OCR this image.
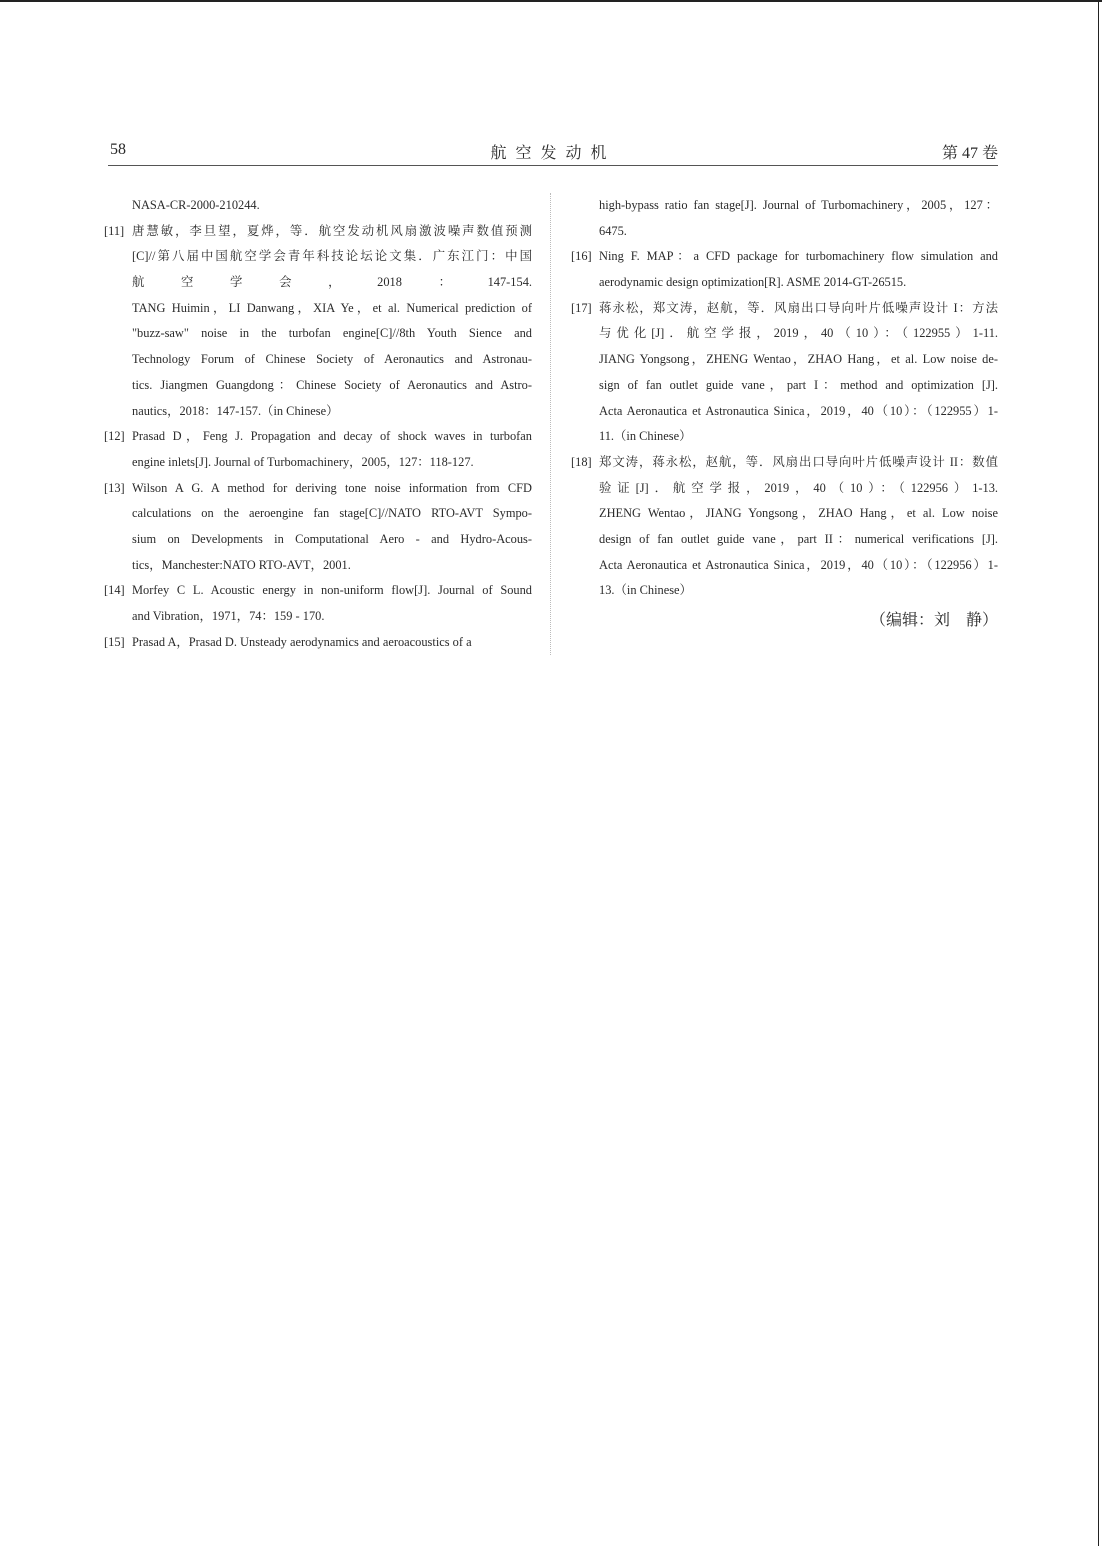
58	航空发动机	第 47 卷
NASA-CR-2000-210244.
[11] 唐慧敏，李旦望，夏烨，等．航空发动机风扇激波噪声数值预测
[C]//第八届中国航空学会青年科技论坛论文集．广东江门：中国
航空学会，2018：147-154.
TANG Huimin，LI Danwang，XIA Ye，et al. Numerical prediction of
"buzz-saw" noise in the turbofan engine[C]//8th Youth Sience and
Technology Forum of Chinese Society of Aeronautics and Astronau-
tics. Jiangmen Guangdong：Chinese Society of Aeronautics and Astro-
nautics，2018：147-157.（in Chinese）
[12] Prasad D，Feng J. Propagation and decay of shock waves in turbofan
engine inlets[J]. Journal of Turbomachinery，2005，127：118-127.
[13] Wilson A G. A method for deriving tone noise information from CFD
calculations on the aeroengine fan stage[C]//NATO RTO-AVT Sympo-
sium on Developments in Computational Aero - and Hydro-Acous-
tics，Manchester:NATO RTO-AVT，2001.
[14] Morfey C L. Acoustic energy in non-uniform flow[J]. Journal of Sound
and Vibration，1971，74：159 - 170.
[15] Prasad A，Prasad D. Unsteady aerodynamics and aeroacoustics of a
high-bypass ratio fan stage[J]. Journal of Turbomachinery，2005，127：
6475.
[16] Ning F. MAP：a CFD package for turbomachinery flow simulation and
aerodynamic design optimization[R]. ASME 2014-GT-26515.
[17] 蒋永松，郑文涛，赵航，等．风扇出口导向叶片低噪声设计 I：方法
与优化[J]．航空学报，2019，40（10）：（122955）1-11.
JIANG Yongsong，ZHENG Wentao，ZHAO Hang，et al. Low noise de-
sign of fan outlet guide vane，part I：method and optimization [J].
Acta Aeronautica et Astronautica Sinica，2019，40（10）：（122955）1-
11.（in Chinese）
[18] 郑文涛，蒋永松，赵航，等．风扇出口导向叶片低噪声设计 II：数值
验证[J]．航空学报，2019，40（10）：（122956）1-13.
ZHENG Wentao，JIANG Yongsong，ZHAO Hang，et al. Low noise
design of fan outlet guide vane，part II：numerical verifications [J].
Acta Aeronautica et Astronautica Sinica，2019，40（10）：（122956）1-
13.（in Chinese）
（编辑：刘　静）
